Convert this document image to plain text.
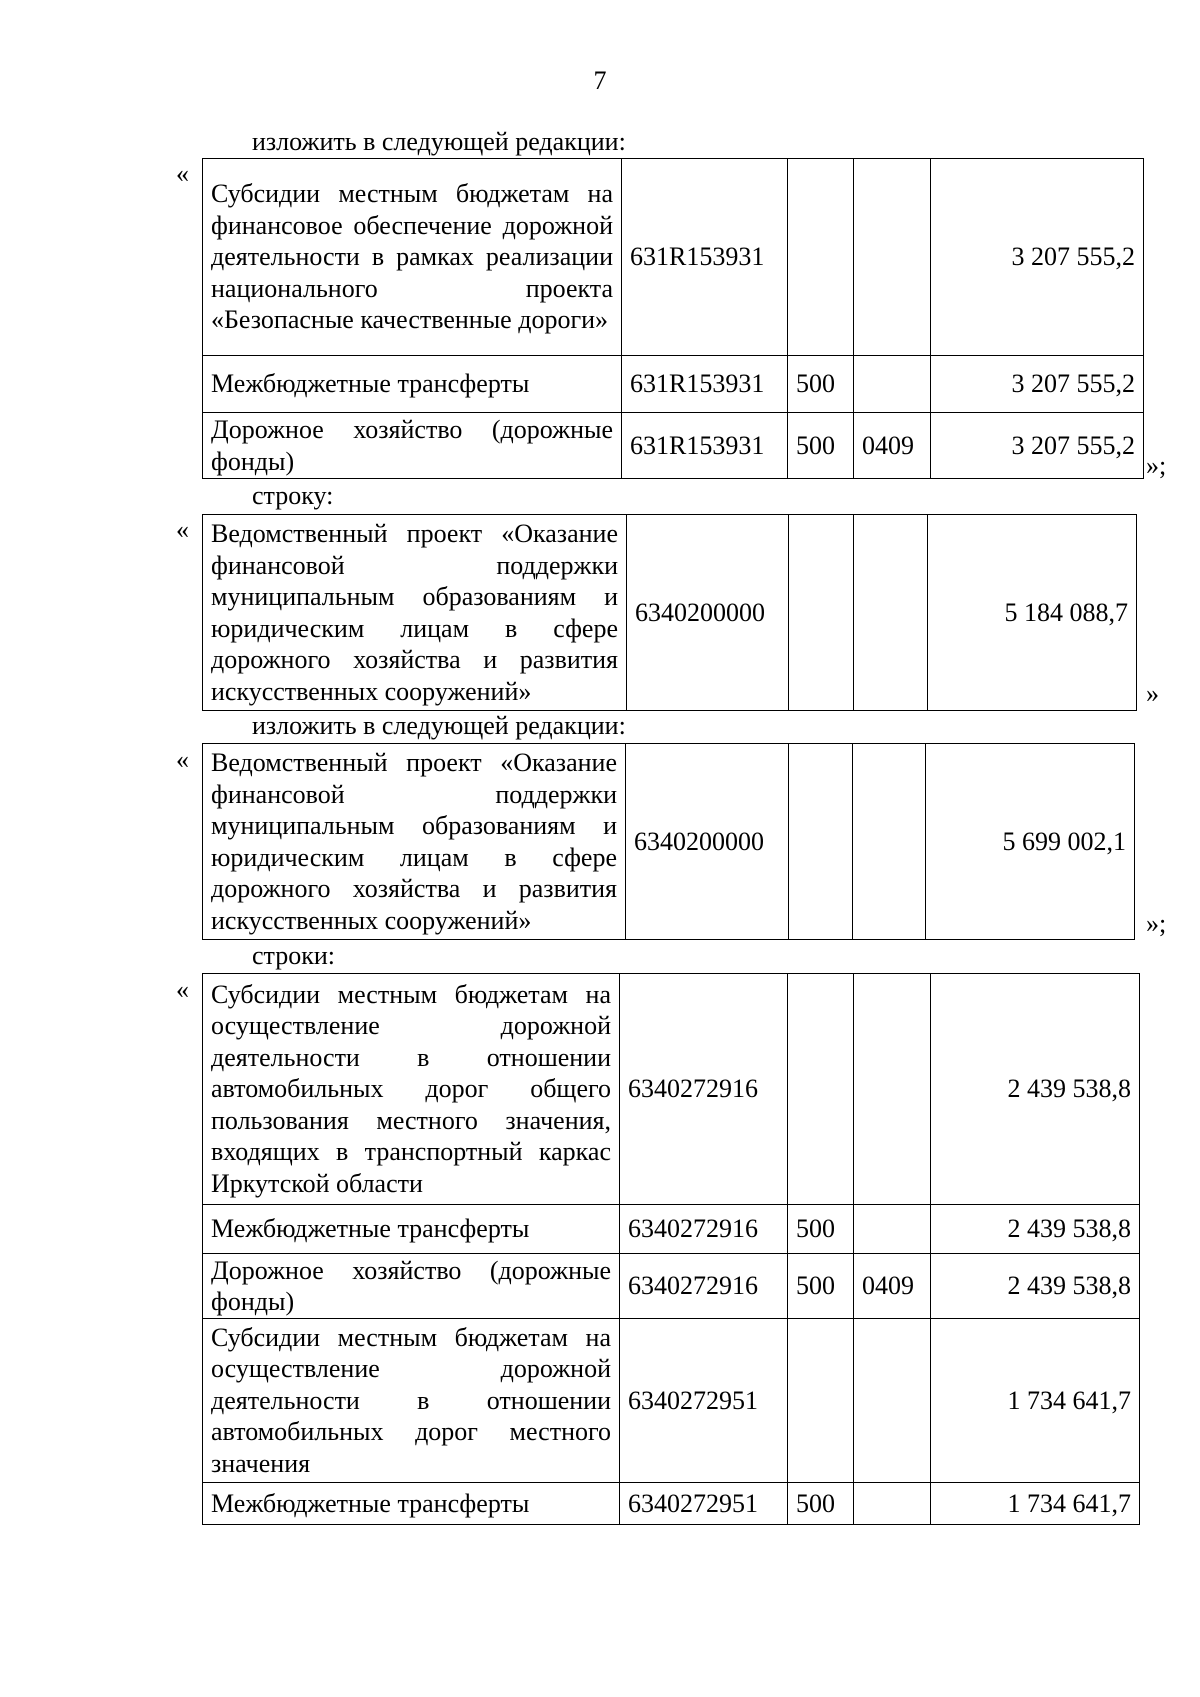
7
изложить в следующей редакции:
«
Субсидии местным бюджетам на финансовое обеспечение дорожной деятельности в рамках реализации национального проекта «Безопасные качественные дороги»	631R153931			3 207 555,2
Межбюджетные трансферты	631R153931	500		3 207 555,2
Дорожное хозяйство (дорожные фонды)	631R153931	500	0409	3 207 555,2
»;
строку:
« Ведомственный проект «Оказание финансовой поддержки муниципальным образованиям и юридическим лицам в сфере дорожного хозяйства и развития искусственных сооружений»	6340200000			5 184 088,7
»
изложить в следующей редакции:
« Ведомственный проект «Оказание финансовой поддержки муниципальным образованиям и юридическим лицам в сфере дорожного хозяйства и развития искусственных сооружений»	6340200000			5 699 002,1
»;
строки:
« Субсидии местным бюджетам на осуществление дорожной деятельности в отношении автомобильных дорог общего пользования местного значения, входящих в транспортный каркас Иркутской области	6340272916			2 439 538,8
Межбюджетные трансферты	6340272916	500		2 439 538,8
Дорожное хозяйство (дорожные фонды)	6340272916	500	0409	2 439 538,8
Субсидии местным бюджетам на осуществление дорожной деятельности в отношении автомобильных дорог местного значения	6340272951			1 734 641,7
Межбюджетные трансферты	6340272951	500		1 734 641,7
